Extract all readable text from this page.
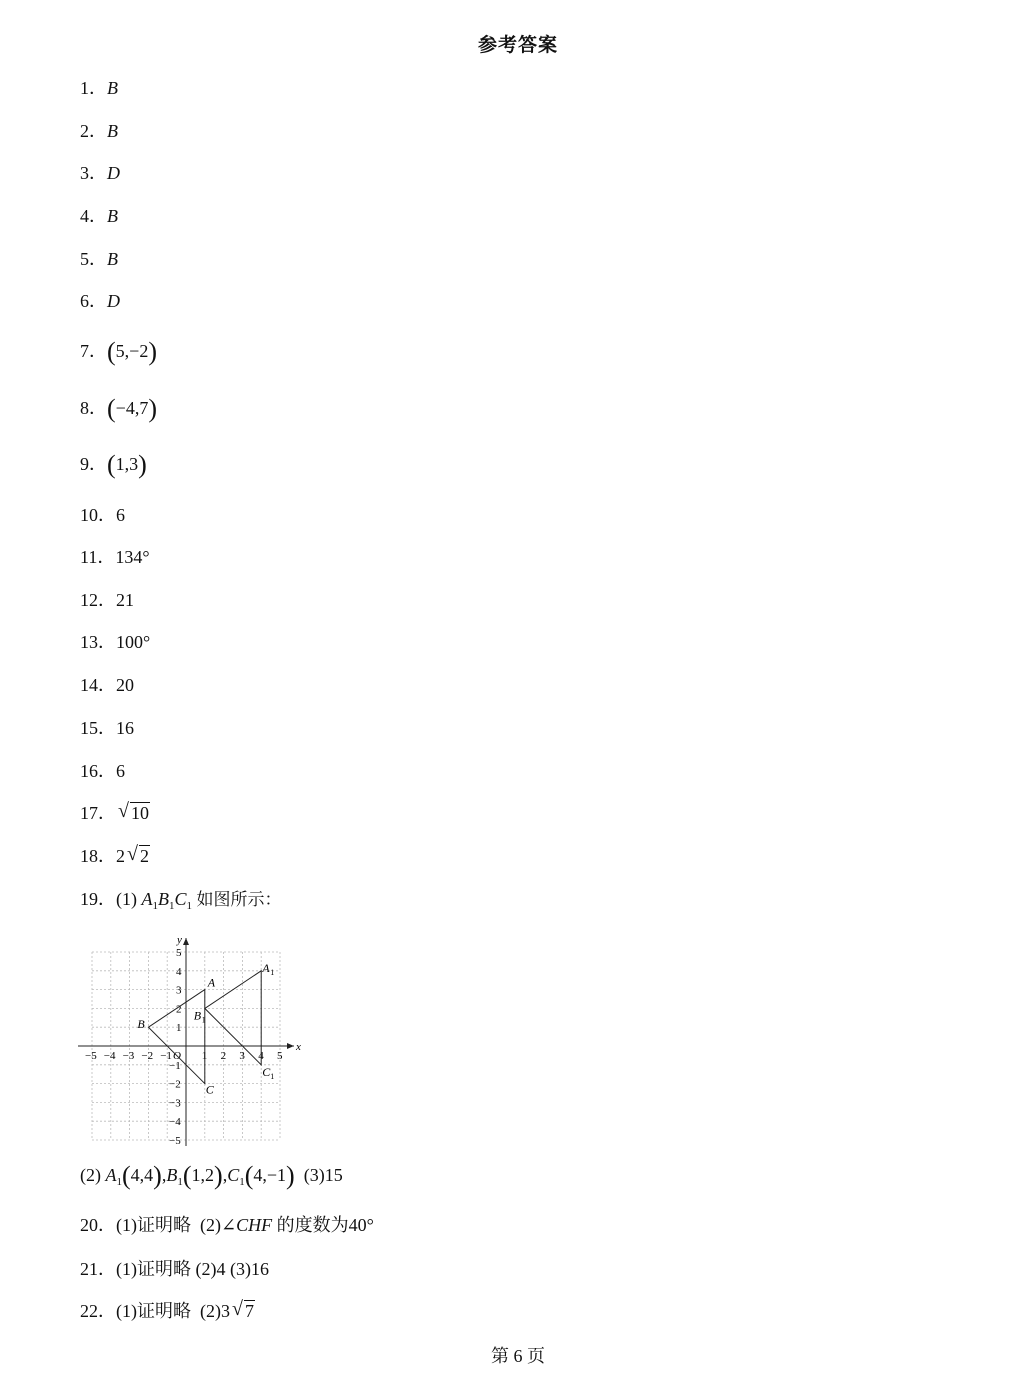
参考答案
1．B
2．B
3．D
4．B
5．B
6．D
7．(5,−2)
8．(−4,7)
9．(1,3)
10．6
11．134°
12．21
13．100°
14．20
15．16
16．6
17． √ 10
18．2 √ 2
19．(1) $A_1B_1C_1$ 如图所示：
x
y
−5 −4 −3 −2 −1 O 1 2 3 4 5
5
4
3
2
1
−1
−2
−3
−4
−5
A
B
C
A 1
B 1
C 1
(2) $A_1(4,4),B_1(1,2),C_1(4,-1)$ (3)15
20．(1)证明略 (2)∠CHF 的度数为40°
21．(1)证明略 (2)4 (3)16
22．(1)证明略 (2)3 √ 7
第 6 页
